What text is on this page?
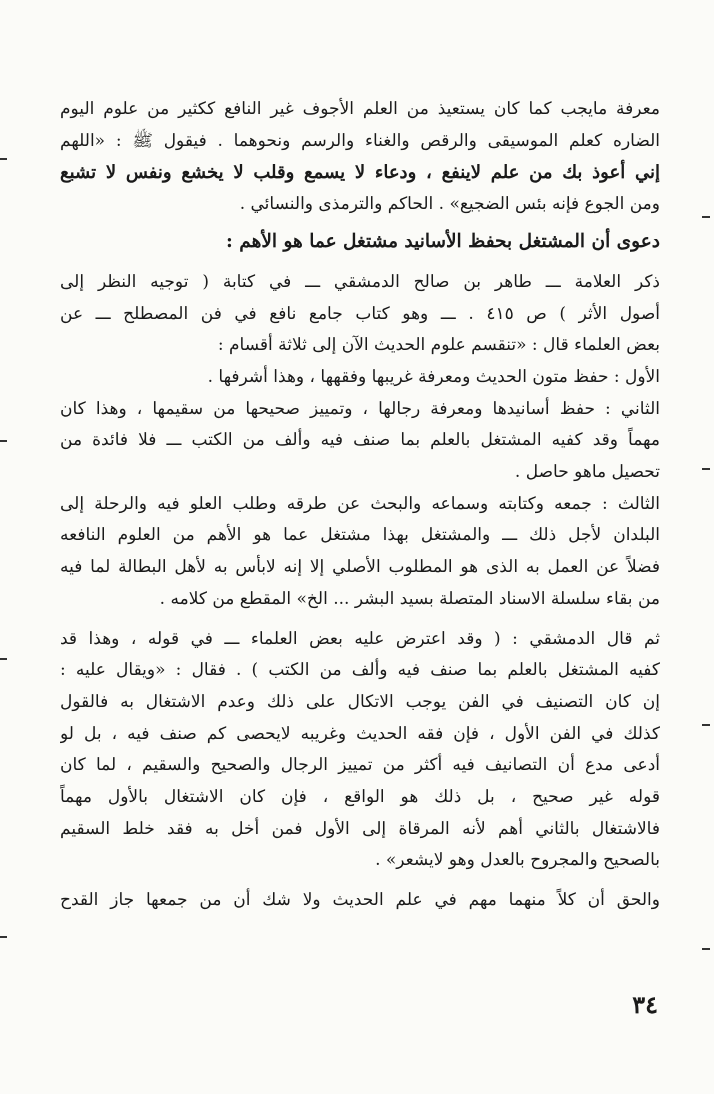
معرفة مايجب كما كان يستعيذ من العلم الأجوف غير النافع ككثير من علوم اليوم
الضاره كعلم الموسيقى والرقص والغناء والرسم ونحوهما . فيقول ﷺ : «اللهم
إني أعوذ بك من علم لاينفع ، ودعاء لا يسمع وقلب لا يخشع ونفس لا تشبع
ومن الجوع فإنه بئس الضجيع» . الحاكم والترمذى والنسائي .
دعوى أن المشتغل بحفظ الأسانيد مشتغل عما هو الأهم :
ذكر العلامة ـــ طاهر بن صالح الدمشقي ـــ في كتابة ( توجيه النظر إلى
أصول الأثر ) ص ٤١٥ . ـــ وهو كتاب جامع نافع في فن المصطلح ـــ عن
بعض العلماء قال : «تنقسم علوم الحديث الآن إلى ثلاثة أقسام :
الأول : حفظ متون الحديث ومعرفة غريبها وفقهها ، وهذا أشرفها .
الثاني : حفظ أسانيدها ومعرفة رجالها ، وتمييز صحيحها من سقيمها ، وهذا كان
مهماً وقد كفيه المشتغل بالعلم بما صنف فيه وألف من الكتب ـــ فلا فائدة من
تحصيل ماهو حاصل .
الثالث : جمعه وكتابته وسماعه والبحث عن طرقه وطلب العلو فيه والرحلة إلى
البلدان لأجل ذلك ـــ والمشتغل بهذا مشتغل عما هو الأهم من العلوم النافعه
فضلاً عن العمل به الذى هو المطلوب الأصلي إلا إنه لابأس به لأهل البطالة لما فيه
من بقاء سلسلة الاسناد المتصلة بسيد البشر ... الخ» المقطع من كلامه .
ثم قال الدمشقي : ( وقد اعترض عليه بعض العلماء ـــ في قوله ، وهذا قد
كفيه المشتغل بالعلم بما صنف فيه وألف من الكتب ) . فقال : «ويقال عليه :
إن كان التصنيف في الفن يوجب الاتكال على ذلك وعدم الاشتغال به فالقول
كذلك في الفن الأول ، فإن فقه الحديث وغريبه لايحصى كم صنف فيه ، بل لو
أدعى مدع أن التصانيف فيه أكثر من تمييز الرجال والصحيح والسقيم ، لما كان
قوله غير صحيح ، بل ذلك هو الواقع ، فإن كان الاشتغال بالأول مهماً
فالاشتغال بالثاني أهم لأنه المرقاة إلى الأول فمن أخل به فقد خلط السقيم
بالصحيح والمجروح بالعدل وهو لايشعر» .
والحق أن كلاً منهما مهم في علم الحديث ولا شك أن من جمعها جاز القدح
٣٤
